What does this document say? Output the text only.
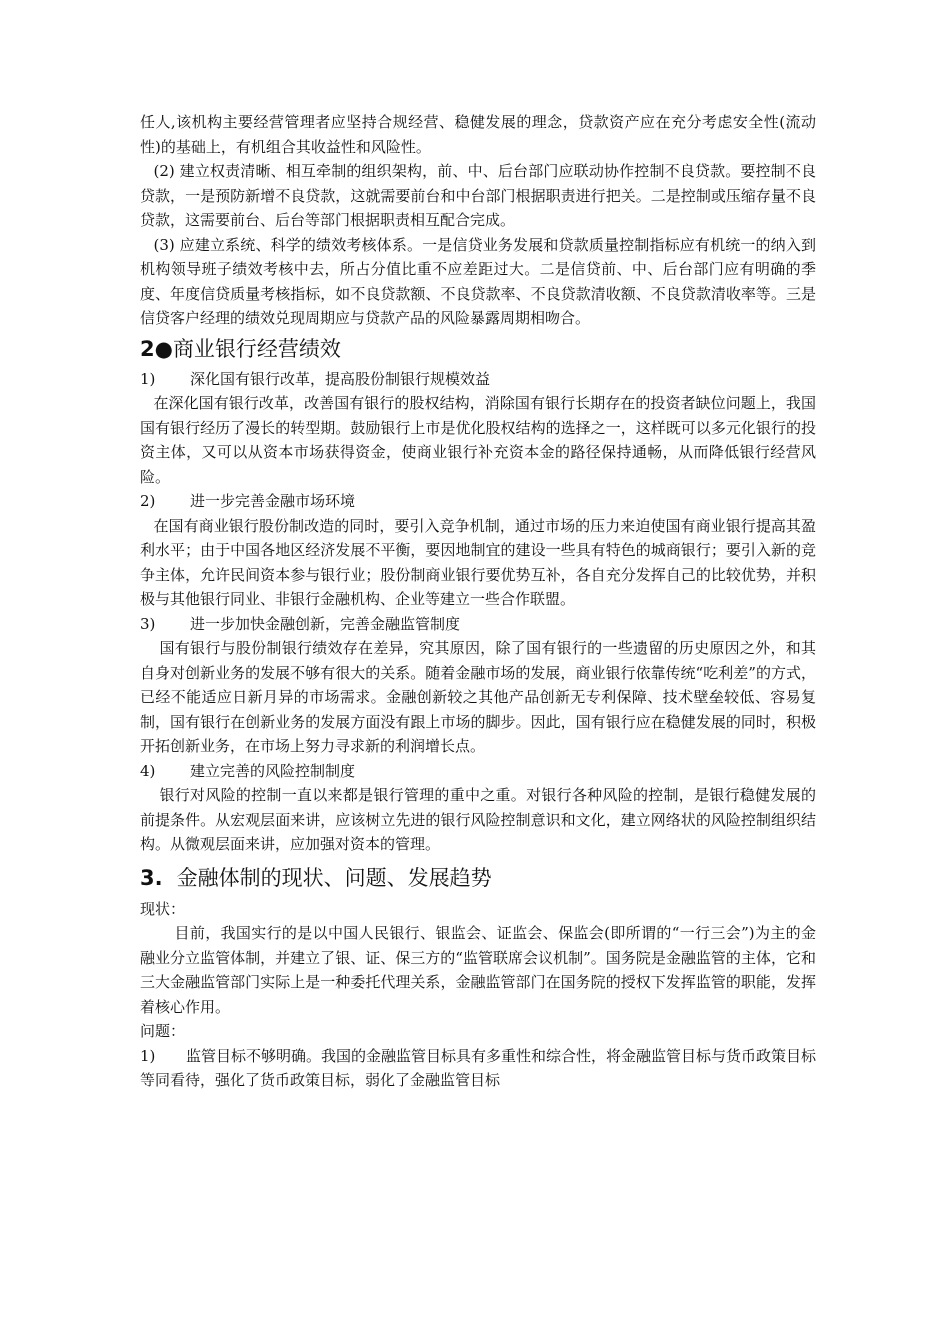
任人,该机构主要经营管理者应坚持合规经营、稳健发展的理念，贷款资产应在充分考虑安全性(流动性)的基础上，有机组合其收益性和风险性。

(2) 建立权责清晰、相互牵制的组织架构，前、中、后台部门应联动协作控制不良贷款。要控制不良贷款，一是预防新增不良贷款，这就需要前台和中台部门根据职责进行把关。二是控制或压缩存量不良贷款，这需要前台、后台等部门根据职责相互配合完成。

(3) 应建立系统、科学的绩效考核体系。一是信贷业务发展和贷款质量控制指标应有机统一的纳入到机构领导班子绩效考核中去，所占分值比重不应差距过大。二是信贷前、中、后台部门应有明确的季度、年度信贷质量考核指标，如不良贷款额、不良贷款率、不良贷款清收额、不良贷款清收率等。三是信贷客户经理的绩效兑现周期应与贷款产品的风险暴露周期相吻合。

2●商业银行经营绩效
1)	深化国有银行改革，提高股份制银行规模效益

在深化国有银行改革，改善国有银行的股权结构，消除国有银行长期存在的投资者缺位问题上，我国国有银行经历了漫长的转型期。鼓励银行上市是优化股权结构的选择之一，这样既可以多元化银行的投资主体，又可以从资本市场获得资金，使商业银行补充资本金的路径保持通畅，从而降低银行经营风险。

2)	进一步完善金融市场环境

在国有商业银行股份制改造的同时，要引入竞争机制，通过市场的压力来迫使国有商业银行提高其盈利水平；由于中国各地区经济发展不平衡，要因地制宜的建设一些具有特色的城商银行；要引入新的竞争主体，允许民间资本参与银行业；股份制商业银行要优势互补，各自充分发挥自己的比较优势，并积极与其他银行同业、非银行金融机构、企业等建立一些合作联盟。

3)	进一步加快金融创新，完善金融监管制度

国有银行与股份制银行绩效存在差异，究其原因，除了国有银行的一些遗留的历史原因之外，和其自身对创新业务的发展不够有很大的关系。随着金融市场的发展，商业银行依靠传统“吃利差”的方式，已经不能适应日新月异的市场需求。金融创新较之其他产品创新无专利保障、技术壁垒较低、容易复制，国有银行在创新业务的发展方面没有跟上市场的脚步。因此，国有银行应在稳健发展的同时，积极开拓创新业务，在市场上努力寻求新的利润增长点。

4)	建立完善的风险控制制度

银行对风险的控制一直以来都是银行管理的重中之重。对银行各种风险的控制，是银行稳健发展的前提条件。从宏观层面来讲，应该树立先进的银行风险控制意识和文化，建立网络状的风险控制组织结构。从微观层面来讲，应加强对资本的管理。

3. 金融体制的现状、问题、发展趋势

现状：

目前，我国实行的是以中国人民银行、银监会、证监会、保监会(即所谓的“一行三会”)为主的金融业分立监管体制，并建立了银、证、保三方的“监管联席会议机制”。国务院是金融监管的主体，它和三大金融监管部门实际上是一种委托代理关系，金融监管部门在国务院的授权下发挥监管的职能，发挥着核心作用。

问题：

1) 监管目标不够明确。我国的金融监管目标具有多重性和综合性，将金融监管目标与货币政策目标等同看待，强化了货币政策目标，弱化了金融监管目标
